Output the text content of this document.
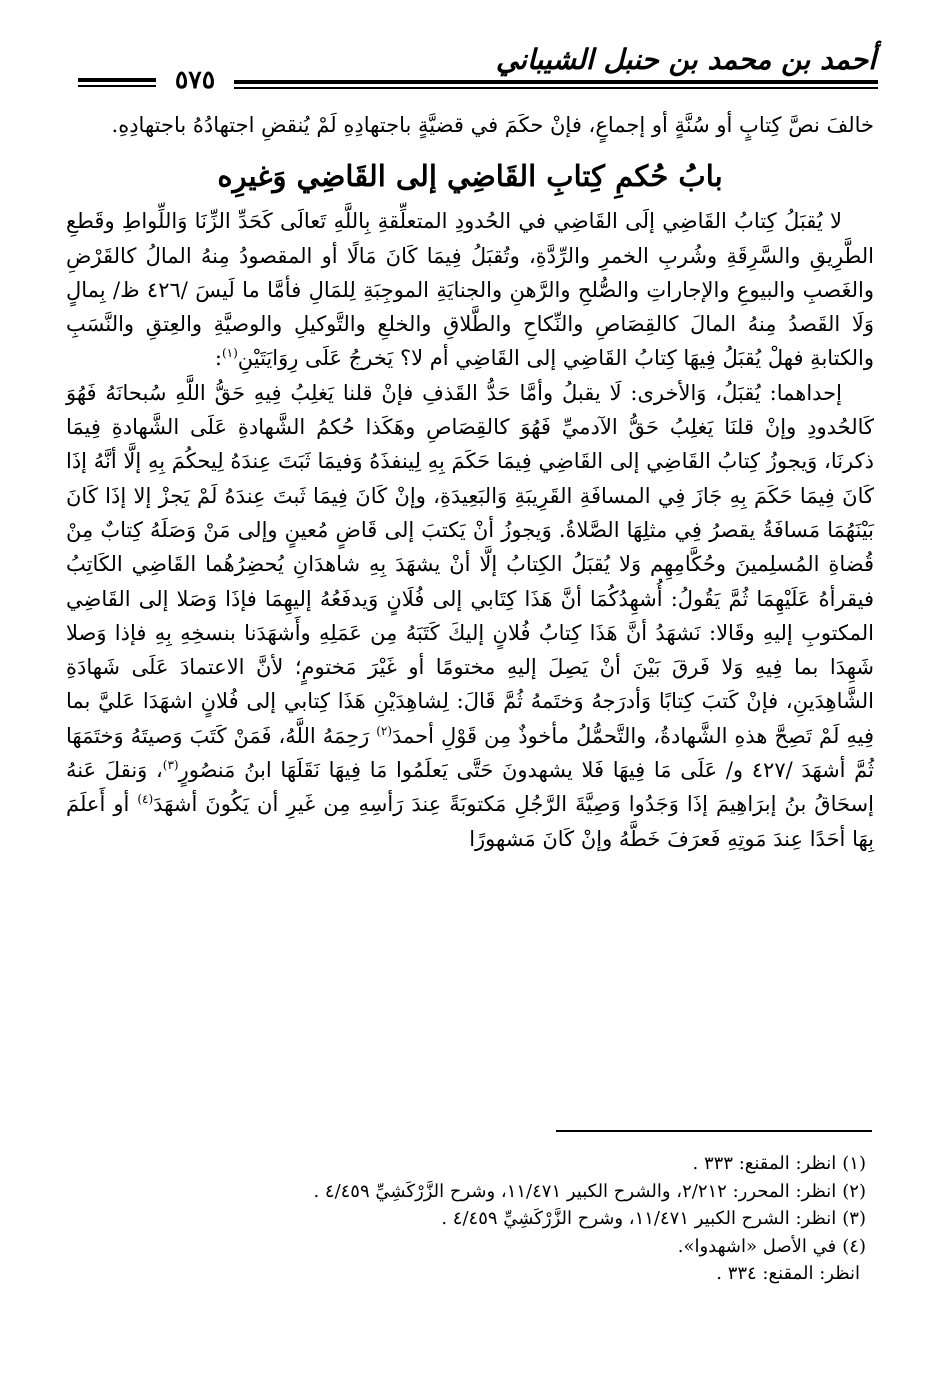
أحمد بن محمد بن حنبل الشيباني
٥٧٥

خالفَ نصَّ كِتابٍ أو سُنَّةٍ أو إجماعٍ، فإنْ حكَمَ في قضيَّةٍ باجتهادِهِ لَمْ يُنقضِ اجتهادُهُ باجتهادِهِ.

بابُ حُكمِ كِتابِ القَاضِي إلى القَاضِي وَغيرِه

لا يُقبَلُ كِتابُ القَاضِي إلَى القَاضِي في الحُدودِ المتعلِّقةِ بِاللَّهِ تَعالَى كَحَدِّ الزِّنَا وَاللِّواطِ وقَطعِ الطَّرِيقِ والسَّرِقَةِ وشُربِ الخمرِ والرِّدَّةِ، وتُقبَلُ فِيمَا كَانَ مَالًا أو المقصودُ مِنهُ المالُ كالقَرْضِ والغَصبِ والبيوعِ والإجاراتِ والصُّلحِ والرَّهنِ والجنايَةِ الموجِبَةِ لِلمَالِ فأمَّا ما لَيسَ /٤٢٦ ظ/ بِمالٍ وَلَا القَصدُ مِنهُ المالَ كالقِصَاصِ والنِّكاحِ والطَّلاقِ والخلعِ والتَّوكيلِ والوصيَّةِ والعِتقِ والنَّسَبِ والكتابةِ فهلْ يُقبَلُ فِيهَا كِتابُ القَاضِي إلى القَاضِي أم لا؟ يَخرجُ عَلَى رِوَايَتَيْنِ$^{(١)}$:

إحداهما: يُقبَلُ، وَالأخرى: لَا يقبلُ وأمَّا حَدُّ القَذفِ فإنْ قلنا يَغلِبُ فِيهِ حَقُّ اللَّهِ سُبحانَهُ فَهُوَ كَالحُدودِ وإنْ قلنَا يَغلِبُ حَقُّ الآدميِّ فَهُوَ كالقِصَاصِ وهَكَذا حُكمُ الشَّهادةِ عَلَى الشَّهادةِ فِيمَا ذكرنَا، وَيجوزُ كِتابُ القَاضِي إلى القَاضِي فِيمَا حَكَمَ بِهِ لِينفذَهُ وَفيمَا ثَبَتَ عِندَهُ لِيحكُمَ بِهِ إلَّا أنَّهُ إذَا كَانَ فِيمَا حَكَمَ بِهِ جَازَ فِي المسافَةِ القَرِيبَةِ وَالبَعِيدَةِ، وإنْ كَانَ فِيمَا ثَبتَ عِندَهُ لَمْ يَجزْ إلا إذَا كَانَ بَيْنَهُمَا مَسافَةُ يقصرُ فِي مثلِهَا الصَّلاةُ. وَيجوزُ أنْ يَكتبَ إلى قَاضٍ مُعينٍ وإلى مَنْ وَصَلَهُ كِتابٌ مِنْ قُضاةِ المُسلِمينَ وحُكَّامِهِم وَلا يُقبَلُ الكِتابُ إلَّا أنْ يشهَدَ بِهِ شاهدَانِ يُحضِرُهُما القَاضِي الكَاتِبُ فيقرأهُ عَلَيْهِمَا ثُمَّ يَقُولُ: أُشهِدُكُمَا أنَّ هَذَا كِتَابي إلى فُلَانٍ وَيدفَعُهُ إليهِمَا فإذَا وَصَلا إلى القَاضِي المكتوبِ إليهِ وقَالا: نَشهَدُ أنَّ هَذَا كِتابُ فُلانٍ إليكَ كَتَبَهُ مِن عَمَلِهِ وأَشهَدَنا بنسخِهِ بِهِ فإذا وَصلا شَهِدَا بما فِيهِ وَلا فَرقَ بَيْنَ أنْ يَصِلَ إليهِ مختومًا أو غَيْرَ مَختومٍ؛ لأنَّ الاعتمادَ عَلَى شَهادَةِ الشَّاهِدَينِ، فإنْ كَتبَ كِتابًا وَأدرَجهُ وَختَمهُ ثُمَّ قَالَ: لِشاهِدَيْنِ هَذَا كِتابي إلى فُلانٍ اشهَدَا عَليَّ بما فِيهِ لَمْ تَصِحَّ هذهِ الشَّهادةُ، والتَّحمُّلُ مأخوذٌ مِن قَوْلِ أحمدَ$^{(٢)}$ رَحِمَهُ اللَّهُ، فَمَنْ كَتَبَ وَصيتَهُ وَختَمَهَا ثُمَّ أشهَدَ /٤٢٧ و/ عَلَى مَا فِيهَا فَلا يشهدونَ حَتَّى يَعلَمُوا مَا فِيهَا نَقَلَهَا ابنُ مَنصُورٍ$^{(٣)}$، وَنقلَ عَنهُ إسحَاقُ بنُ إبرَاهِيمَ إذَا وَجَدُوا وَصِيَّةَ الرَّجُلِ مَكتوبَةً عِندَ رَأسِهِ مِن غَيرِ أن يَكُونَ أشهَدَ$^{(٤)}$ أو أَعلَمَ بِهَا أحَدًا عِندَ مَوتِهِ فَعرَفَ خَطَّهُ وإنْ كَانَ مَشهورًا

(١)انظر: المقنع: ٣٣٣ .
(٢)انظر: المحرر: ٢/٢١٢، والشرح الكبير ١١/٤٧١، وشرح الزَّرْكَشِيِّ ٤/٤٥٩ .
(٣)انظر: الشرح الكبير ١١/٤٧١، وشرح الزَّرْكَشِيِّ ٤/٤٥٩ .
(٤)في الأصل «اشهدوا».
انظر: المقنع: ٣٣٤ .
